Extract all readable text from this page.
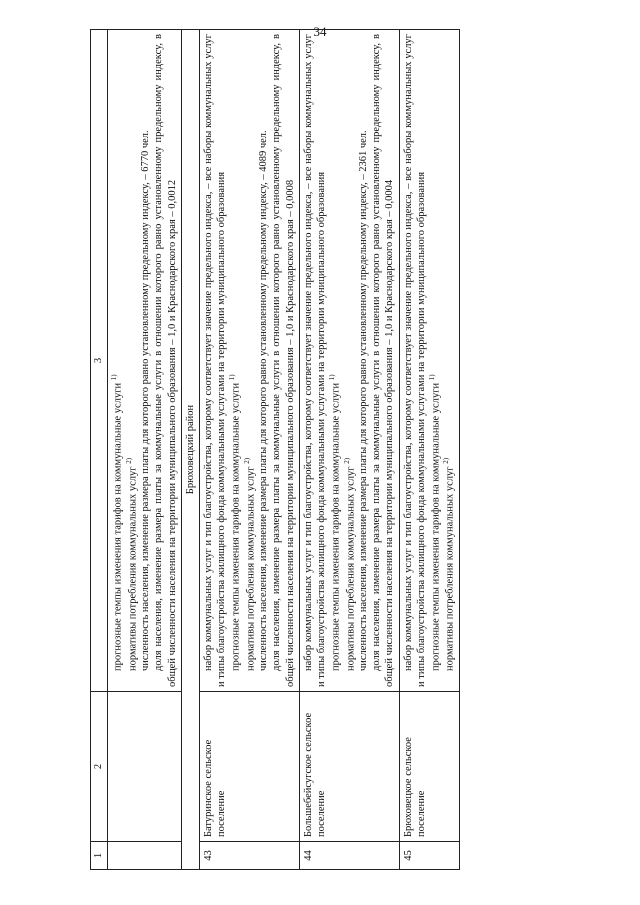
34
1	2	3

		прогнозные темпы изменения тарифов на коммунальные услуги $^{1)}$

нормативы потребления коммунальных услуг $^{2)}$ численность населения, изменение размера платы для которого равно установленному предельному индексу, – 6770 чел. доля населения, изменение размера платы за коммунальные услуги в отношении которого равно установленному предельному индексу, в общей численности населения на территории муниципального образования – 1,0 и Краснодарского края – 0,0012

Брюховецкий район		
43	Батуринское сельское поселение	набор коммунальных услуг и тип благоустройства, которому соответствует значение предельного индекса, – все наборы коммунальных услуг и типы благоустройства жилищного фонда коммунальными услугами на территории муниципального образования прогнозные темпы изменения тарифов на коммунальные услуги $^{1)}$

нормативы потребления коммунальных услуг $^{2)}$ численность населения, изменение размера платы для которого равно установленному предельному индексу, – 4089 чел. доля населения, изменение размера платы за коммунальные услуги в отношении которого равно установленному предельному индексу, в общей численности населения на территории муниципального образования – 1,0 и Краснодарского края – 0,0008

44	Большебейсугское сельское поселение	набор коммунальных услуг и тип благоустройства, которому соответствует значение предельного индекса, – все наборы коммунальных услуг и типы благоустройства жилищного фонда коммунальными услугами на территории муниципального образования прогнозные темпы изменения тарифов на коммунальные услуги $^{1)}$

нормативы потребления коммунальных услуг $^{2)}$ численность населения, изменение размера платы для которого равно установленному предельному индексу, – 2361 чел. доля населения, изменение размера платы за коммунальные услуги в отношении которого равно установленному предельному индексу, в общей численности населения на территории муниципального образования – 1,0 и Краснодарского края – 0,0004

45	Брюховецкое сельское поселение	набор коммунальных услуг и тип благоустройства, которому соответствует значение предельного индекса, – все наборы коммунальных услуг и типы благоустройства жилищного фонда коммунальными услугами на территории муниципального образования прогнозные темпы изменения тарифов на коммунальные услуги $^{1)}$

нормативы потребления коммунальных услуг $^{2)}$
